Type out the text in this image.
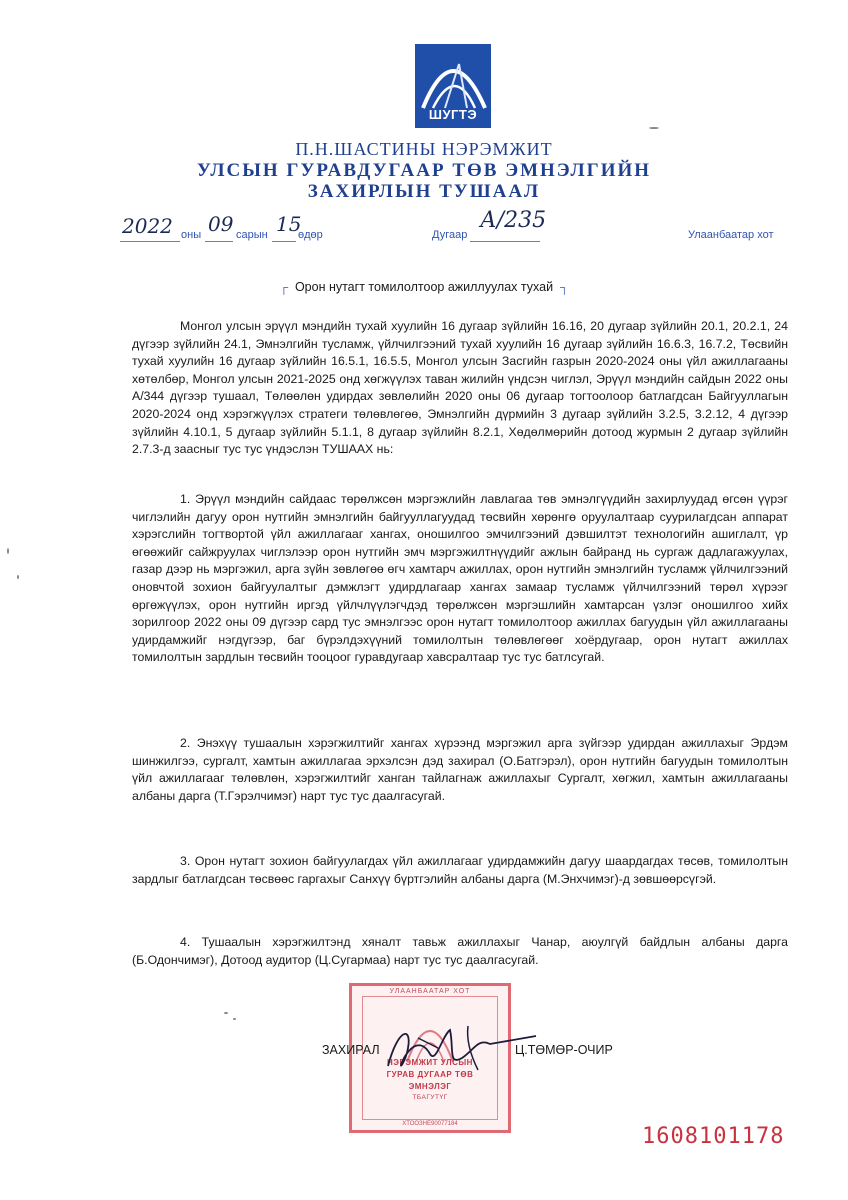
ШУГТЭ
П.Н.ШАСТИНЫ НЭРЭМЖИТ
УЛСЫН ГУРАВДУГААР ТӨВ ЭМНЭЛГИЙН
ЗАХИРЛЫН ТУШААЛ
2022 оны 09 сарын 15
өдөр	Дугаар
А/235
Улаанбаатар хот
┌ Орон нутагт томилолтоор ажиллуулах тухай ┐

Монгол улсын эрүүл мэндийн тухай хуулийн 16 дугаар зүйлийн 16.16, 20 дугаар зүйлийн 20.1, 20.2.1, 24 дүгээр зүйлийн 24.1, Эмнэлгийн тусламж, үйлчилгээний тухай хуулийн 16 дугаар зүйлийн 16.6.3, 16.7.2, Төсвийн тухай хуулийн 16 дугаар зүйлийн 16.5.1, 16.5.5, Монгол улсын Засгийн газрын 2020-2024 оны үйл ажиллагааны хөтөлбөр, Монгол улсын 2021-2025 онд хөгжүүлэх таван жилийн үндсэн чиглэл, Эрүүл мэндийн сайдын 2022 оны А/344 дүгээр тушаал, Төлөөлөн удирдах зөвлөлийн 2020 оны 06 дугаар тогтоолоор батлагдсан Байгууллагын 2020-2024 онд хэрэгжүүлэх стратеги төлөвлөгөө, Эмнэлгийн дүрмийн 3 дугаар зүйлийн 3.2.5, 3.2.12, 4 дүгээр зүйлийн 4.10.1, 5 дугаар зүйлийн 5.1.1, 8 дугаар зүйлийн 8.2.1, Хөдөлмөрийн дотоод журмын 2 дугаар зүйлийн 2.7.3-д заасныг тус тус үндэслэн ТУШААХ нь:

1. Эрүүл мэндийн сайдаас төрөлжсөн мэргэжлийн лавлагаа төв эмнэлгүүдийн захирлуудад өгсөн үүрэг чиглэлийн дагуу орон нутгийн эмнэлгийн байгууллагуудад төсвийн хөрөнгө оруулалтаар суурилагдсан аппарат хэрэгслийн тогтвортой үйл ажиллагааг хангах, оношилгоо эмчилгээний дэвшилтэт технологийн ашиглалт, үр өгөөжийг сайжруулах чиглэлээр орон нутгийн эмч мэргэжилтнүүдийг ажлын байранд нь сургаж дадлагажуулах, газар дээр нь мэргэжил, арга зүйн зөвлөгөө өгч хамтарч ажиллах, орон нутгийн эмнэлгийн тусламж үйлчилгээний оновчтой зохион байгуулалтыг дэмжлэгт удирдлагаар хангах замаар тусламж үйлчилгээний төрөл хүрээг өргөжүүлэх, орон нутгийн иргэд үйлчлүүлэгчдэд төрөлжсөн мэргэшлийн хамтарсан үзлэг оношилгоо хийх зорилгоор 2022 оны 09 дүгээр сард тус эмнэлгээс орон нутагт томилолтоор ажиллах багуудын үйл ажиллагааны удирдамжийг нэгдүгээр, баг бүрэлдэхүүний томилолтын төлөвлөгөөг хоёрдугаар, орон нутагт ажиллах томилолтын зардлын төсвийн тооцоог гуравдугаар хавсралтаар тус тус батлсугай.

2. Энэхүү тушаалын хэрэгжилтийг хангах хүрээнд мэргэжил арга зүйгээр удирдан ажиллахыг Эрдэм шинжилгээ, сургалт, хамтын ажиллагаа эрхэлсэн дэд захирал (О.Батгэрэл), орон нутгийн багуудын томилолтын үйл ажиллагааг төлөвлөн, хэрэгжилтийг ханган тайлагнаж ажиллахыг Сургалт, хөгжил, хамтын ажиллагааны албаны дарга (Т.Гэрэлчимэг) нарт тус тус даалгасугай.

3. Орон нутагт зохион байгуулагдах үйл ажиллагааг удирдамжийн дагуу шаардагдах төсөв, томилолтын зардлыг батлагдсан төсвөөс гаргахыг Санхүү бүртгэлийн албаны дарга (М.Энхчимэг)-д зөвшөөрсүгэй.

4. Тушаалын хэрэгжилтэнд хяналт тавьж ажиллахыг Чанар, аюулгүй байдлын албаны дарга (Б.Одончимэг), Дотоод аудитор (Ц.Сугармаа) нарт тус тус даалгасугай.

УЛААНБААТАР ХОТ
НЭРЭМЖИТ УЛСЫН
ГУРАВ ДУГААР ТӨВ
ЭМНЭЛЭГ
ТБАГУТҮГ
ХТООЗНЕ90077184
ЗАХИРАЛ	Ц.ТӨМӨР-ОЧИР
1608101178
